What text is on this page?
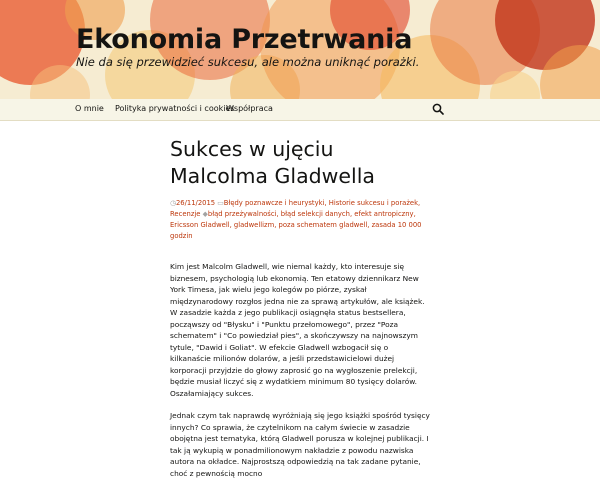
Ekonomia Przetrwania
Nie da się przewidzieć sukcesu, ale można uniknąć porażki.
O mnie Polityka prywatności i cookies
Współpraca
Sukces w ujęciu
Malcolma Gladwella
◷26/11/2015 ▭Błędy poznawcze i heurystyki, Historie sukcesu i porażek, Recenzje ◆błąd przeżywalności, błąd selekcji danych, efekt antropiczny, Ericsson Gladwell, gladwellizm, poza schematem gladwell, zasada 10 000 godzin

Kim jest Malcolm Gladwell, wie niemal każdy, kto interesuje się biznesem, psychologią lub ekonomią. Ten etatowy dziennikarz New York Timesa, jak wielu jego kolegów po piórze, zyskał międzynarodowy rozgłos jedna nie za sprawą artykułów, ale książek. W zasadzie każda z jego publikacji osiągnęła status bestsellera, począwszy od "Błysku" i "Punktu przełomowego", przez "Poza schematem" i "Co powiedział pies", a skończywszy na najnowszym tytule, "Dawid i Goliat". W efekcie Gladwell wzbogacił się o kilkanaście milionów dolarów, a jeśli przedstawicielowi dużej korporacji przyjdzie do głowy zaprosić go na wygłoszenie prelekcji, będzie musiał liczyć się z wydatkiem minimum 80 tysięcy dolarów. Oszałamiający sukces.

Jednak czym tak naprawdę wyróżniają się jego książki spośród tysięcy innych? Co sprawia, że czytelnikom na całym świecie w zasadzie obojętna jest tematyka, którą Gladwell porusza w kolejnej publikacji. I tak ją wykupią w ponadmilionowym nakładzie z powodu nazwiska autora na okładce. Najprostszą odpowiedzią na tak zadane pytanie, choć z pewnością mocno
